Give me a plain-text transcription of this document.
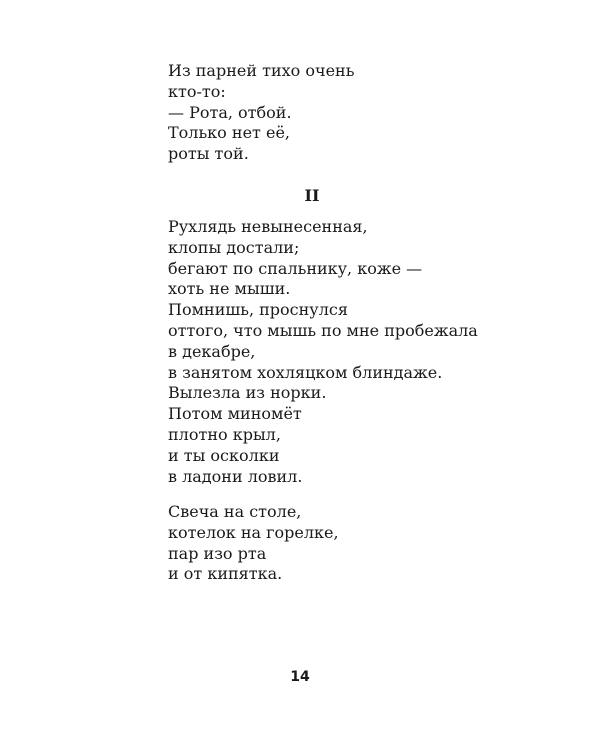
Из парней тихо очень
кто-то:
— Рота, отбой.
Только нет её,
роты той.
II
Рухлядь невынесенная,
клопы достали;
бегают по спальнику, коже —
хоть не мыши.
Помнишь, проснулся
оттого, что мышь по мне пробежала
в декабре,
в занятом хохляцком блиндаже.
Вылезла из норки.
Потом миномёт
плотно крыл,
и ты осколки
в ладони ловил.
Свеча на столе,
котелок на горелке,
пар изо рта
и от кипятка.
14
